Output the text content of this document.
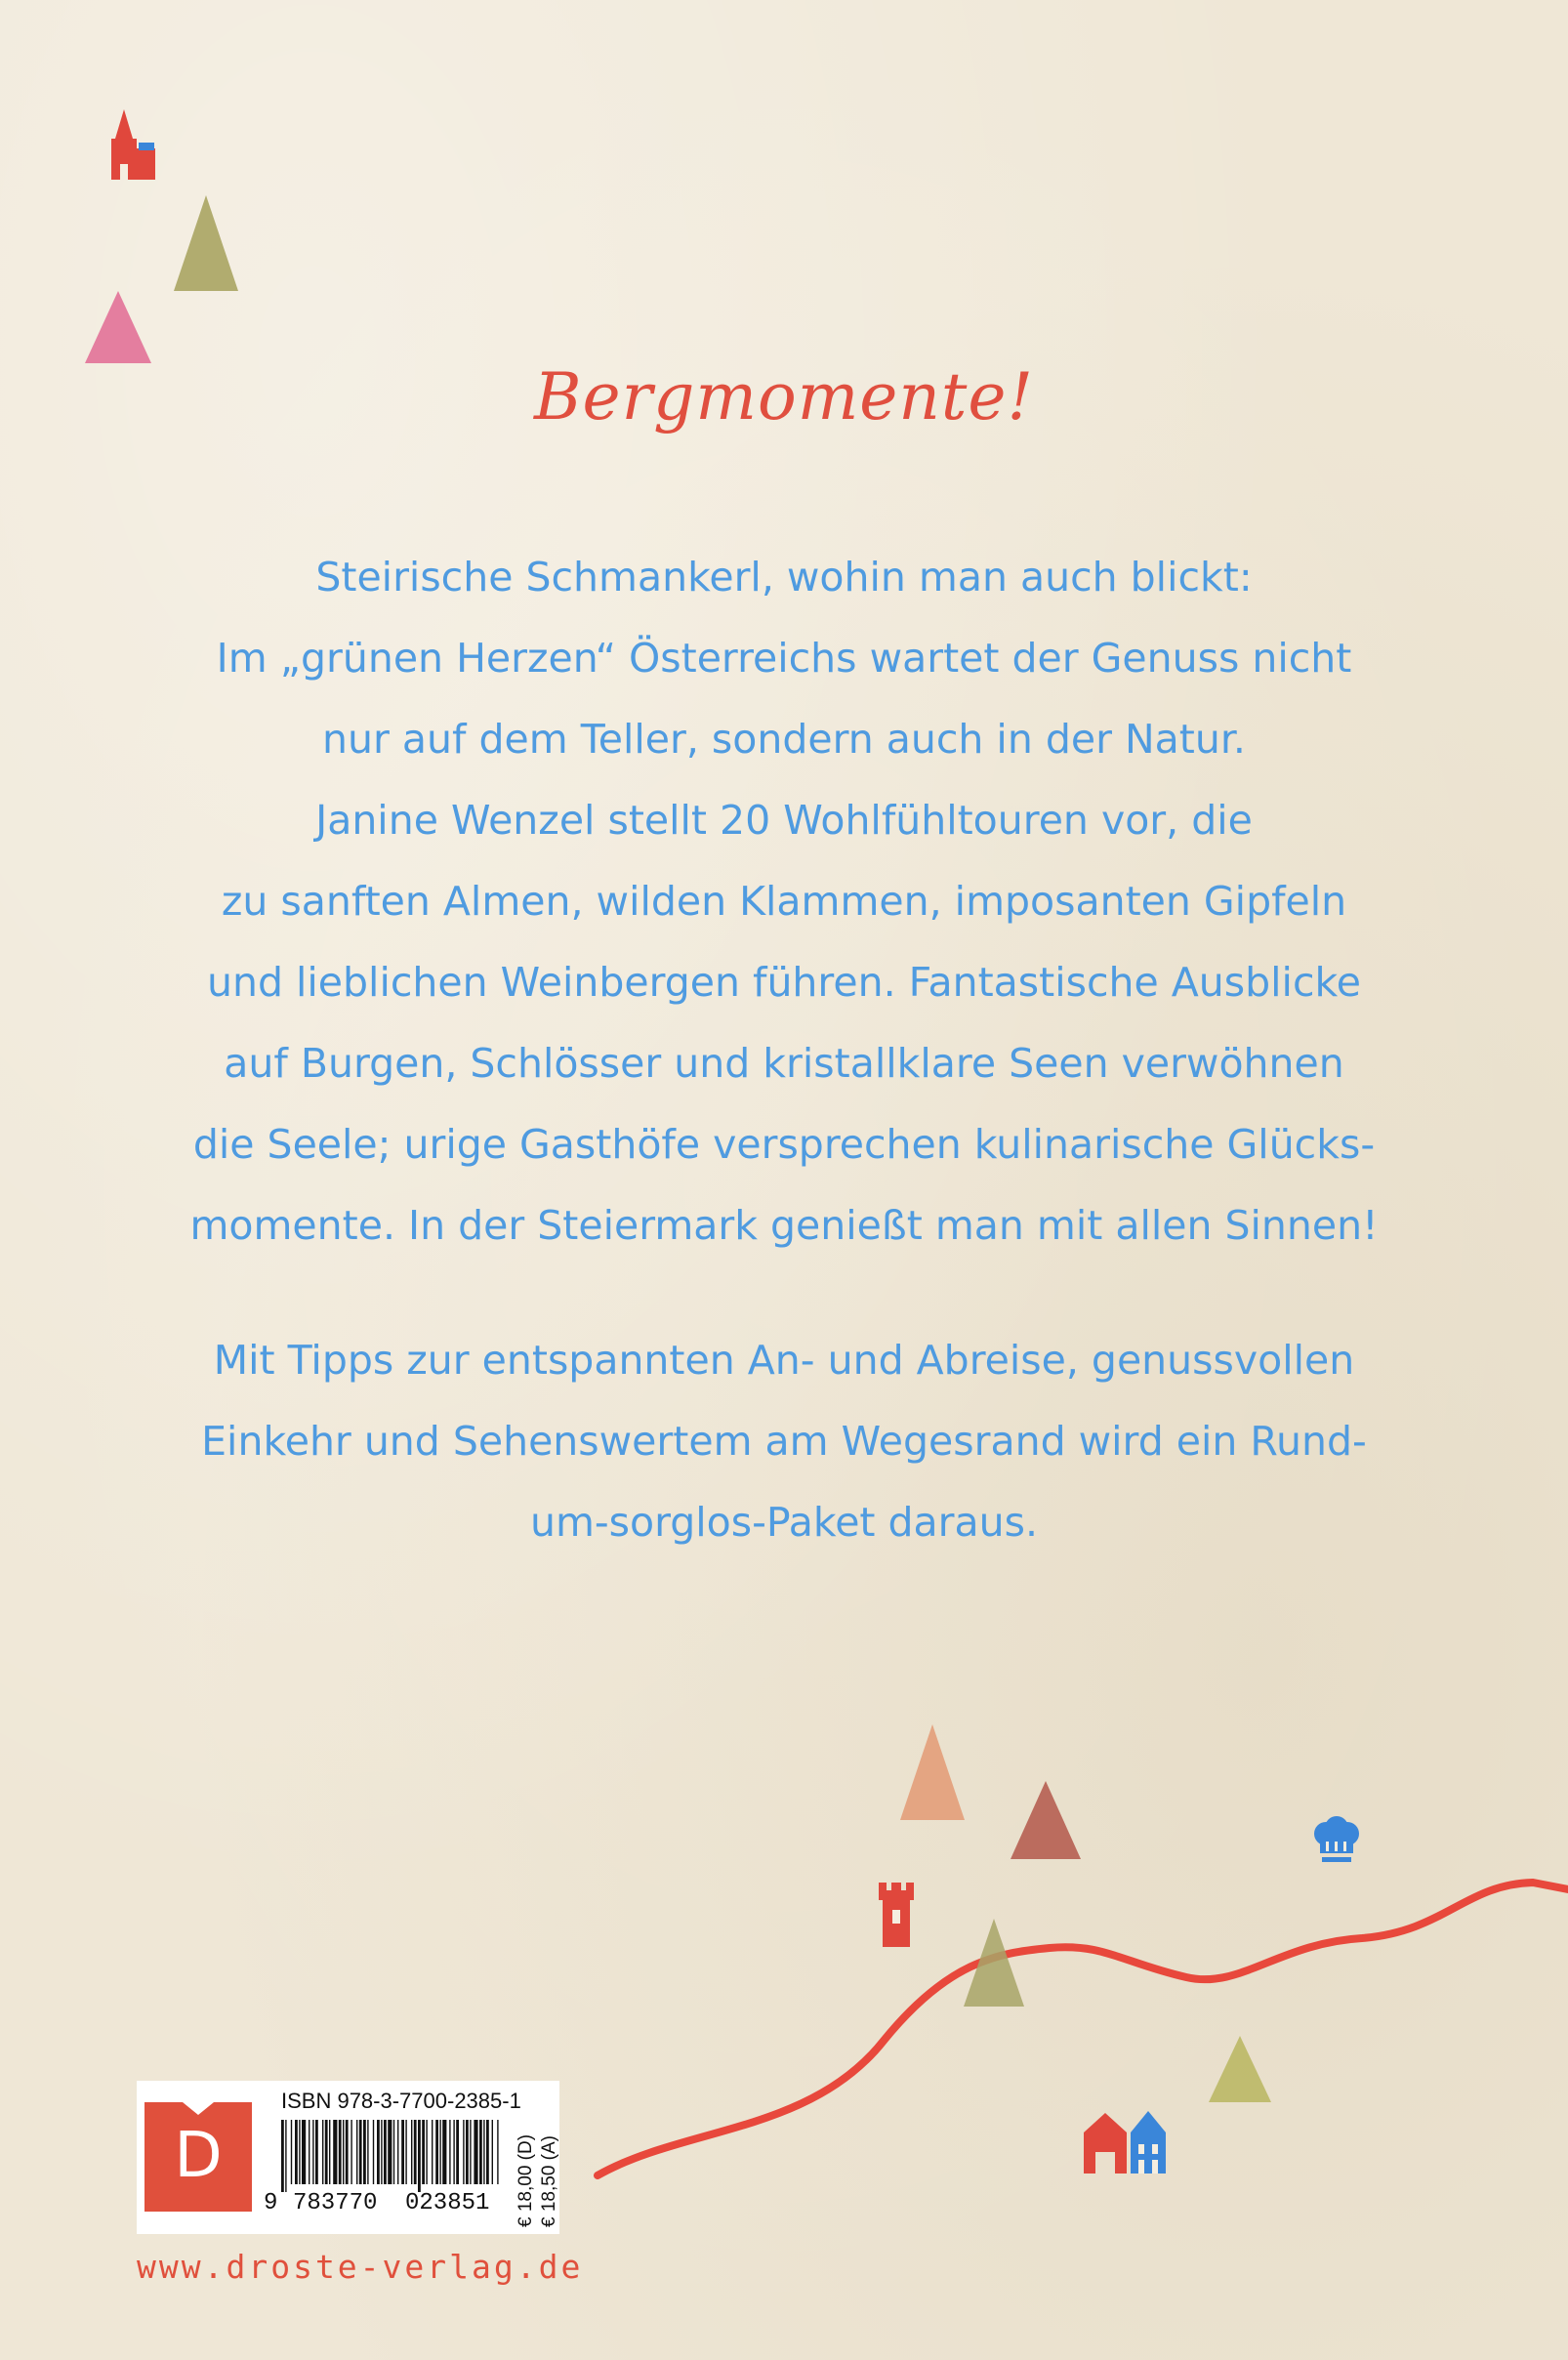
Bergmomente!
Steirische Schmankerl, wohin man auch blickt:
Im „grünen Herzen“ Österreichs wartet der Genuss nicht
nur auf dem Teller, sondern auch in der Natur.
Janine Wenzel stellt 20 Wohlfühltouren vor, die
zu sanften Almen, wilden Klammen, imposanten Gipfeln
und lieblichen Weinbergen führen. Fantastische Ausblicke
auf Burgen, Schlösser und kristallklare Seen verwöhnen
die Seele; urige Gasthöfe versprechen kulinarische Glücks-
momente. In der Steiermark genießt man mit allen Sinnen!
Mit Tipps zur entspannten An- und Abreise, genussvollen
Einkehr und Sehenswertem am Wegesrand wird ein Rund-
um-sorglos-Paket daraus.
D
ISBN 978-3-7700-2385-1
9 783770 023851 € 18,00 (D) € 18,50 (A)
www.droste-verlag.de
